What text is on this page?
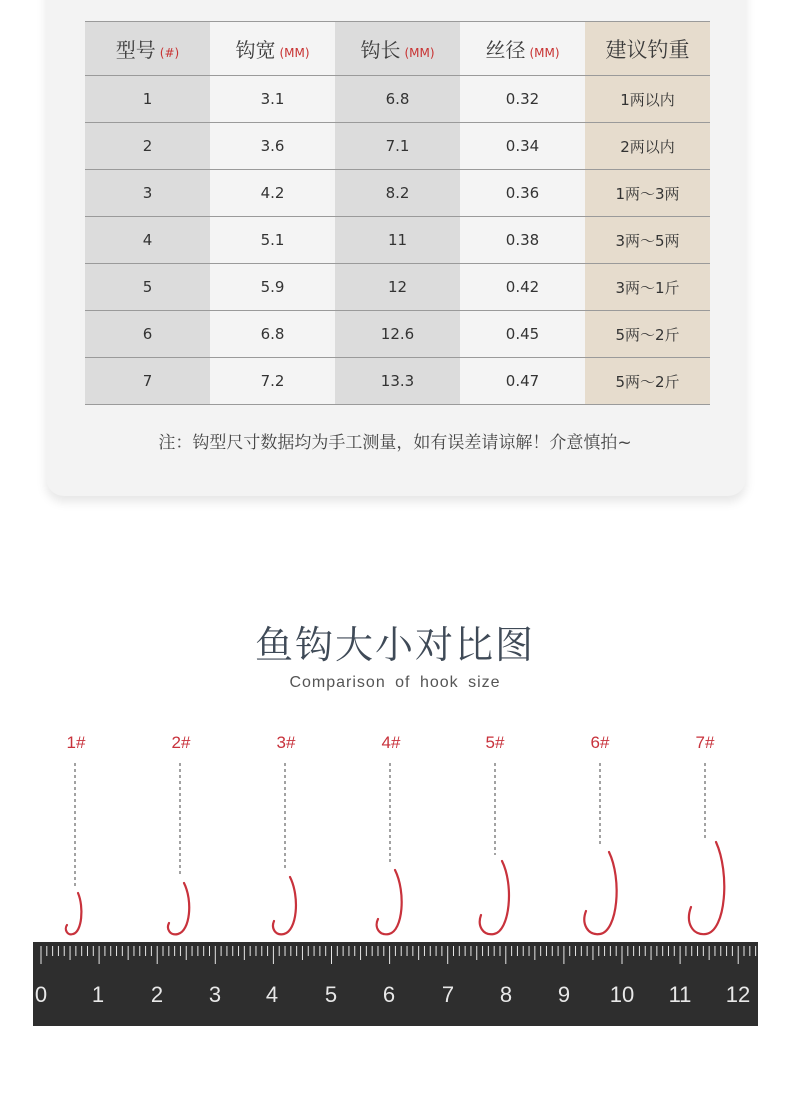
型号 (#)	钩宽 (MM)	钩长 (MM)	丝径 (MM)	建议钓重
1	3.1	6.8	0.32	1两以内
2	3.6	7.1	0.34	2两以内
3	4.2	8.2	0.36	1两～3两
4	5.1	11	0.38	3两～5两
5	5.9	12	0.42	3两～1斤
6	6.8	12.6	0.45	5两～2斤
7	7.2	13.3	0.47	5两～2斤
注：钩型尺寸数据均为手工测量，如有误差请谅解！介意慎拍~
鱼钩大小对比图
Comparison of hook size
1#	2#	3#	4#	5#	6#	7#
0	1	2	3	4	5	6	7	8	9	10	11	12
